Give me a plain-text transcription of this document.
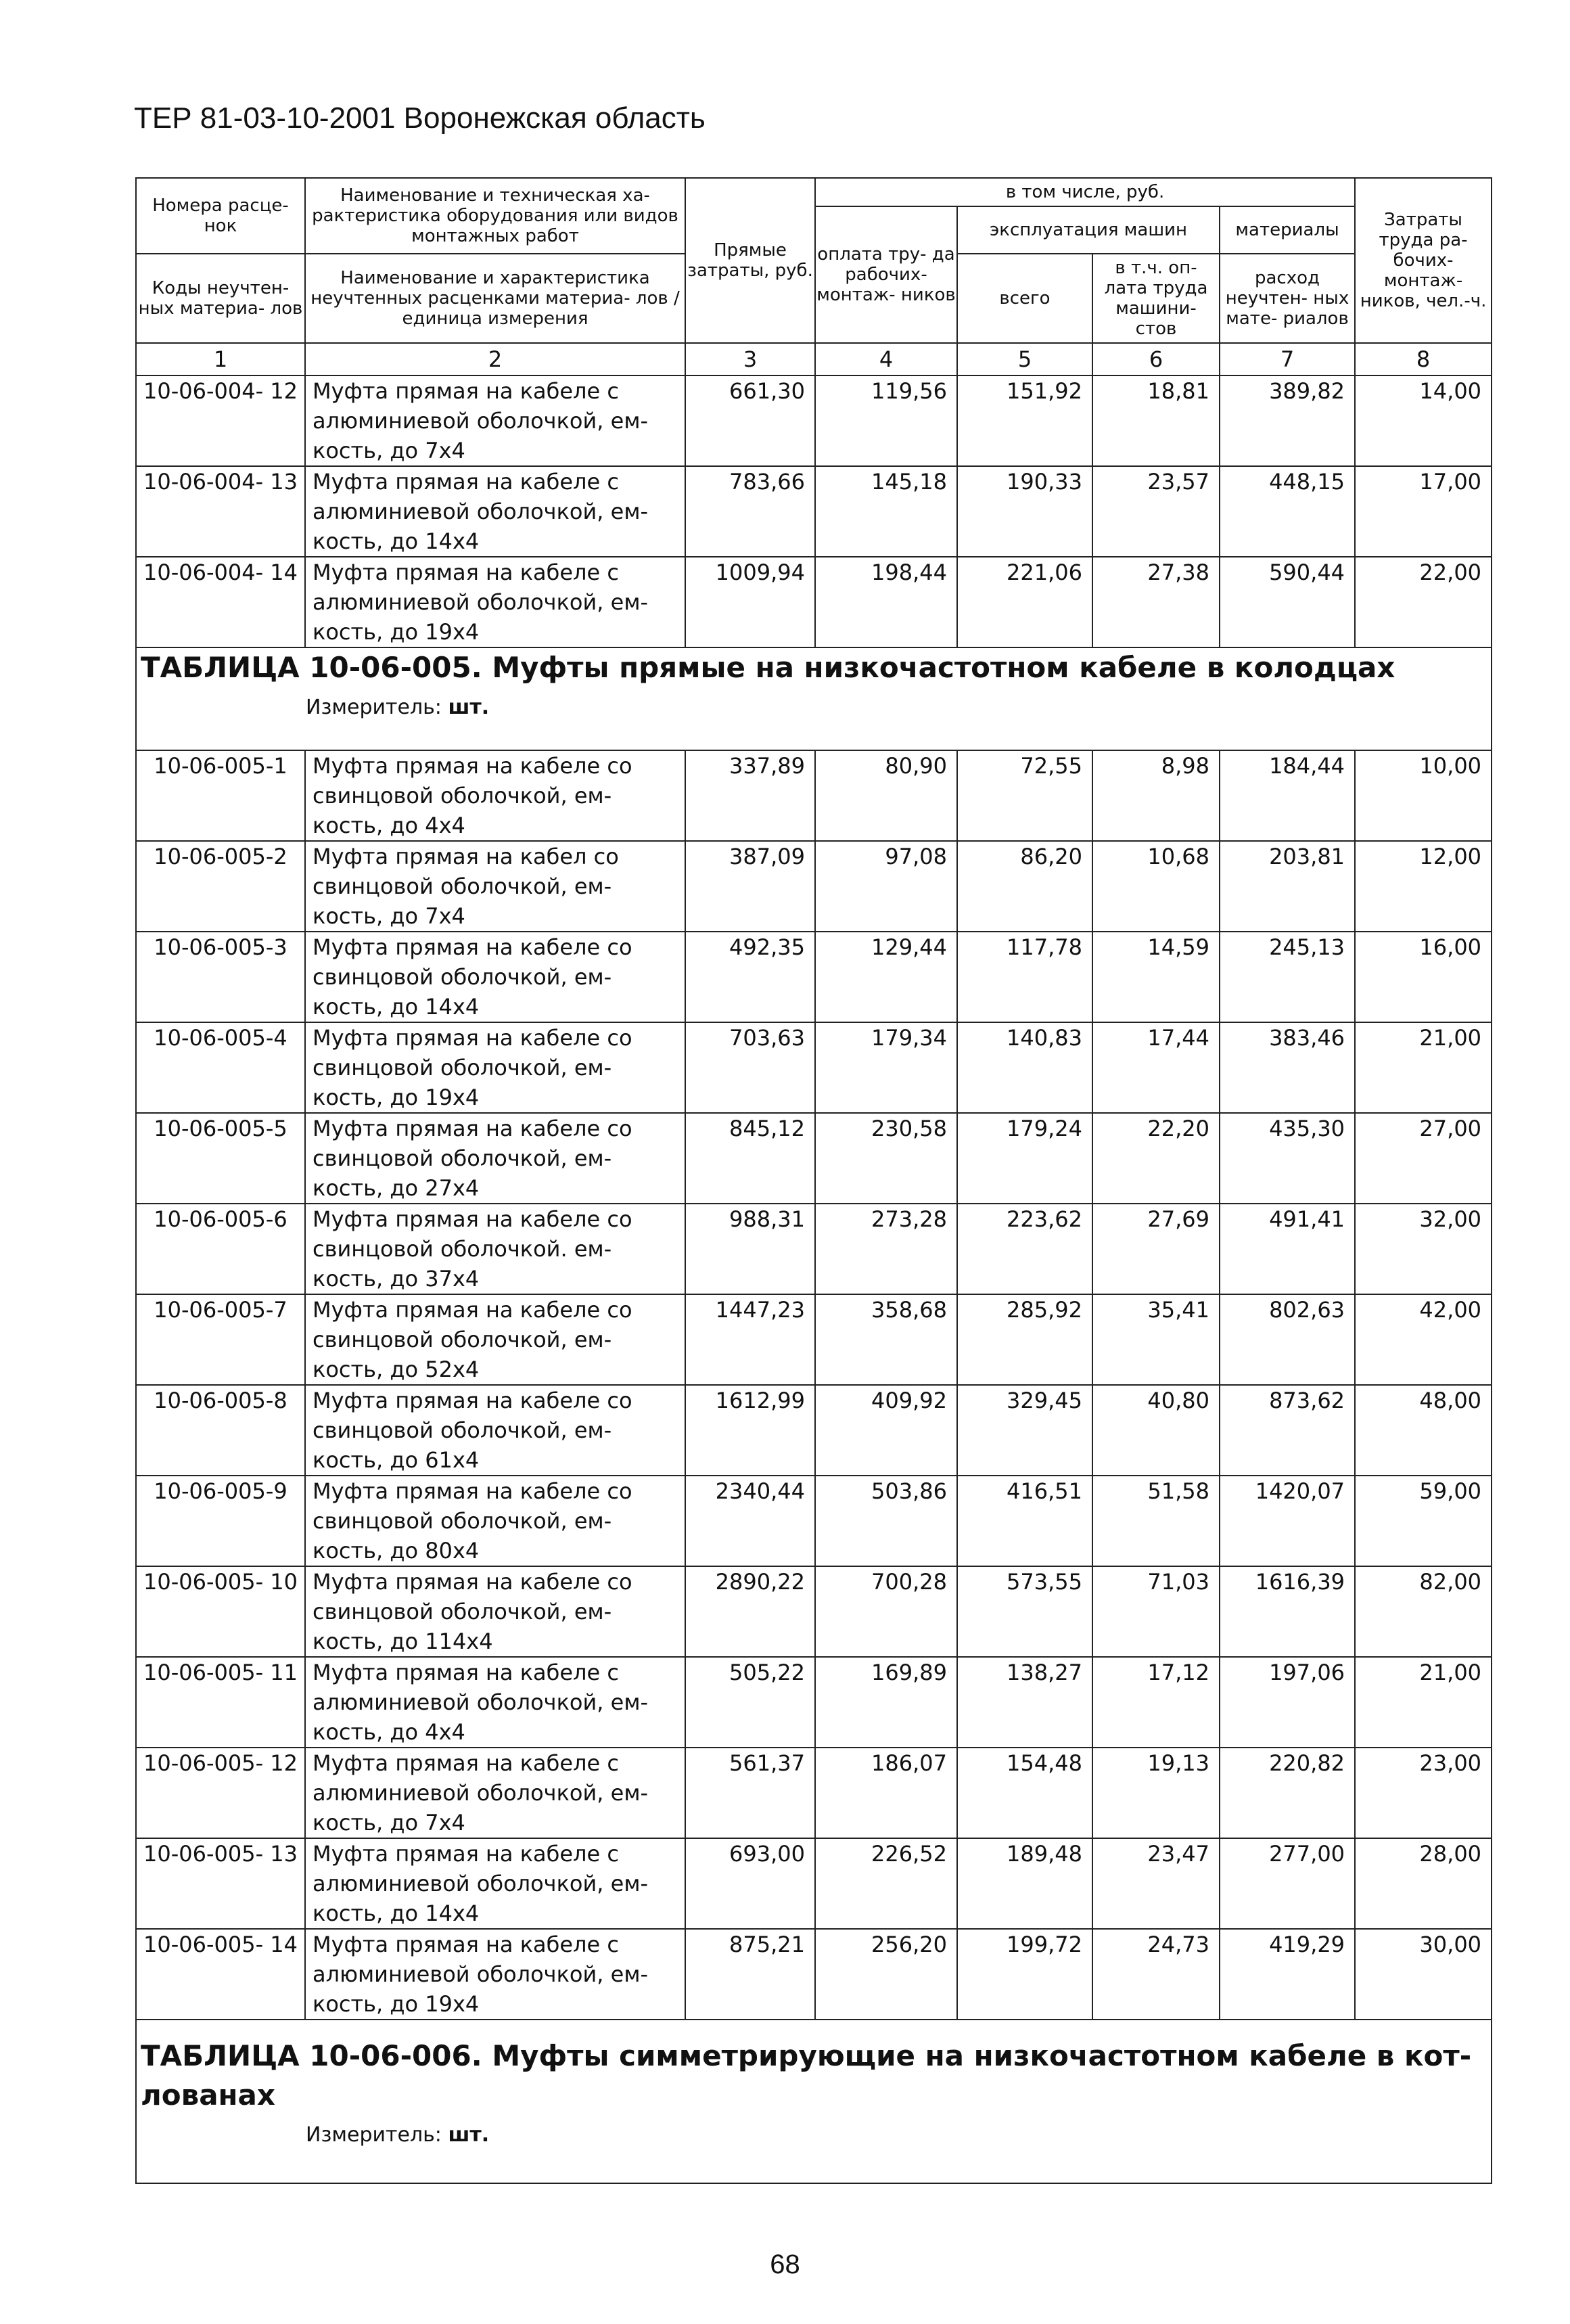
ТЕР 81-03-10-2001 Воронежская область
Номера расце- нок	Наименование и техническая ха- рактеристика оборудования или видов монтажных работ	Прямые затраты, руб.	в том числе, руб.				Затраты труда ра- бочих- монтаж- ников, чел.-ч.
			оплата тру- да рабочих- монтаж- ников	эксплуатация машин		материалы	
Коды неучтен- ных материа- лов	Наименование и характеристика неучтенных расценками материа- лов / единица измерения			всего	в т.ч. оп- лата труда машини- стов	расход неучтен- ных мате- риалов	

1	2	3	4	5	6	7	8
10-06-004- 12	Муфта прямая на кабеле с алюминиевой оболочкой, ем- кость, до 7x4	661,30	119,56	151,92	18,81	389,82	14,00
10-06-004- 13	Муфта прямая на кабеле с алюминиевой оболочкой, ем- кость, до 14x4	783,66	145,18	190,33	23,57	448,15	17,00
10-06-004- 14	Муфта прямая на кабеле с алюминиевой оболочкой, ем- кость, до 19x4	1009,94	198,44	221,06	27,38	590,44	22,00

ТАБЛИЦА 10-06-005. Муфты прямые на низкочастотном кабеле в колодцах
Измеритель: шт.							

10-06-005-1	Муфта прямая на кабеле со свинцовой оболочкой, ем- кость, до 4x4	337,89	80,90	72,55	8,98	184,44	10,00
10-06-005-2	Муфта прямая на кабел со свинцовой оболочкой, ем- кость, до 7x4	387,09	97,08	86,20	10,68	203,81	12,00
10-06-005-3	Муфта прямая на кабеле со свинцовой оболочкой, ем- кость, до 14x4	492,35	129,44	117,78	14,59	245,13	16,00
10-06-005-4	Муфта прямая на кабеле со свинцовой оболочкой, ем- кость, до 19x4	703,63	179,34	140,83	17,44	383,46	21,00
10-06-005-5	Муфта прямая на кабеле со свинцовой оболочкой, ем- кость, до 27x4	845,12	230,58	179,24	22,20	435,30	27,00
10-06-005-6	Муфта прямая на кабеле со свинцовой оболочкой. ем- кость, до 37x4	988,31	273,28	223,62	27,69	491,41	32,00
10-06-005-7	Муфта прямая на кабеле со свинцовой оболочкой, ем- кость, до 52x4	1447,23	358,68	285,92	35,41	802,63	42,00
10-06-005-8	Муфта прямая на кабеле со свинцовой оболочкой, ем- кость, до 61x4	1612,99	409,92	329,45	40,80	873,62	48,00
10-06-005-9	Муфта прямая на кабеле со свинцовой оболочкой, ем- кость, до 80x4	2340,44	503,86	416,51	51,58	1420,07	59,00
10-06-005- 10	Муфта прямая на кабеле со свинцовой оболочкой, ем- кость, до 114x4	2890,22	700,28	573,55	71,03	1616,39	82,00
10-06-005- 11	Муфта прямая на кабеле с алюминиевой оболочкой, ем- кость, до 4x4	505,22	169,89	138,27	17,12	197,06	21,00
10-06-005- 12	Муфта прямая на кабеле с алюминиевой оболочкой, ем- кость, до 7x4	561,37	186,07	154,48	19,13	220,82	23,00
10-06-005- 13	Муфта прямая на кабеле с алюминиевой оболочкой, ем- кость, до 14x4	693,00	226,52	189,48	23,47	277,00	28,00
10-06-005- 14	Муфта прямая на кабеле с алюминиевой оболочкой, ем- кость, до 19x4	875,21	256,20	199,72	24,73	419,29	30,00

ТАБЛИЦА 10-06-006. Муфты симметрирующие на низкочастотном кабеле в кот- лованах
Измеритель: шт.							
68
